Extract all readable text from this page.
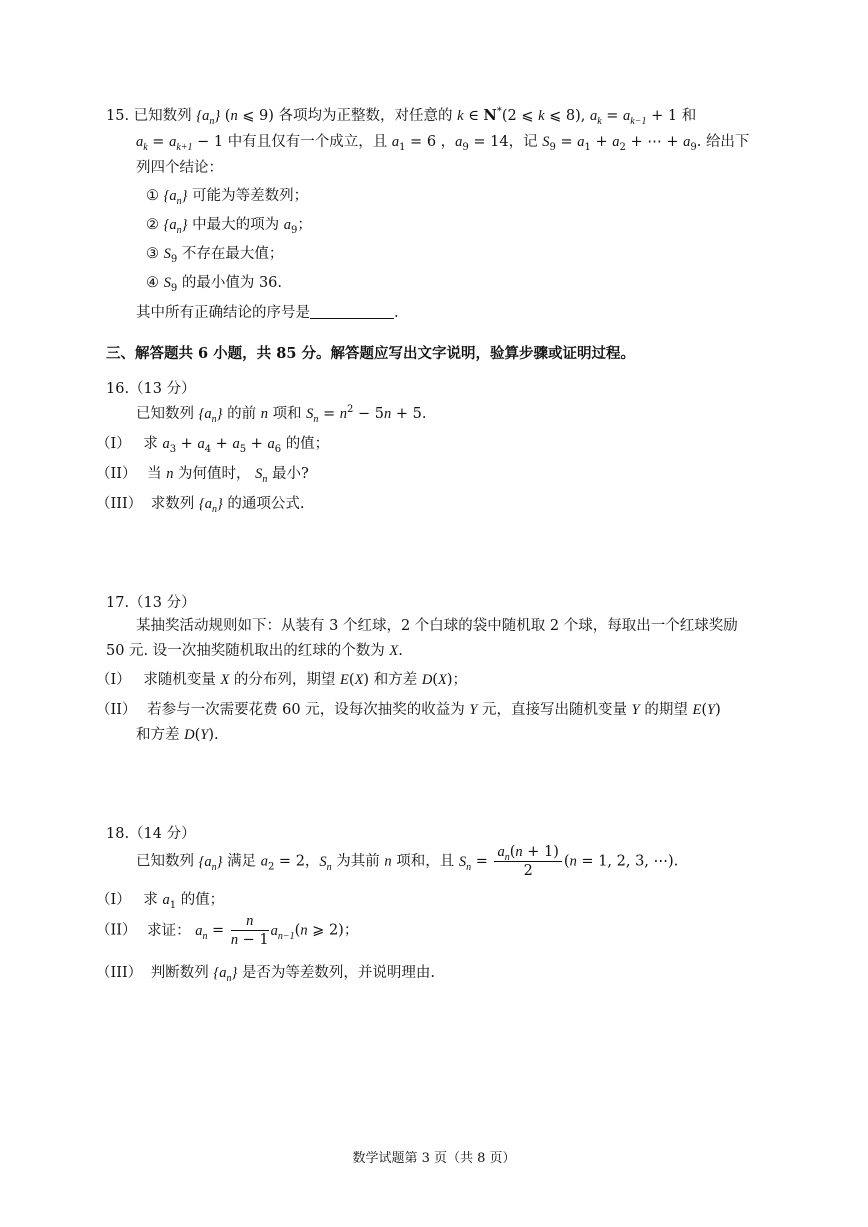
15. 已知数列 $\{a_n\}$ (n ⩽ 9) 各项均为正整数，对任意的 k ∈ N*(2 ⩽ k ⩽ 8), $a_k = a_{k-1} + 1$ 和
$a_k = a_{k+1} - 1$ 中有且仅有一个成立，且 $a_1 = 6$ ，$a_9 = 14$，记 $S_9 = a_1 + a_2$ + ⋯ + $a_9$. 给出下
列四个结论：
① $\{a_n\}$ 可能为等差数列；
② $\{a_n\}$ 中最大的项为 $a_9$；
③ $S_9$ 不存在最大值；
④ $S_9$ 的最小值为 36.
其中所有正确结论的序号是	.
三、解答题共 6 小题，共 85 分。解答题应写出文字说明，验算步骤或证明过程。
16.（13 分）
已知数列 $\{a_n\}$ 的前 n 项和 $S_n = n^2 - 5n + 5$.
（I） 求 $a_3 + a_4 + a_5 + a_6$ 的值；
（II） 当 n 为何值时， $S_n$ 最小?
（III） 求数列 $\{a_n\}$ 的通项公式.
17.（13 分）
某抽奖活动规则如下：从装有 3 个红球，2 个白球的袋中随机取 2 个球，每取出一个红球奖励
50 元. 设一次抽奖随机取出的红球的个数为 X.
（I） 求随机变量 X 的分布列，期望 E(X) 和方差 D(X)；
（II） 若参与一次需要花费 60 元，设每次抽奖的收益为 Y 元，直接写出随机变量 Y 的期望 E(Y)
和方差 D(Y).
18.（14 分）
已知数列 $\{a_n\}$ 满足 $a_2 = 2$，$S_n$ 为其前 n 项和，且 $S_n = \frac{a_n(n + 1)}{2} (n = 1$, 2, 3, ⋯).
（I） 求 $a_1$ 的值；
（II） 求证： $a_n = \frac{n}{n - 1} a_{n-1}(n$ ⩾ 2)；
（III） 判断数列 $\{a_n\}$ 是否为等差数列，并说明理由.
数学试题第 3 页（共 8 页）
